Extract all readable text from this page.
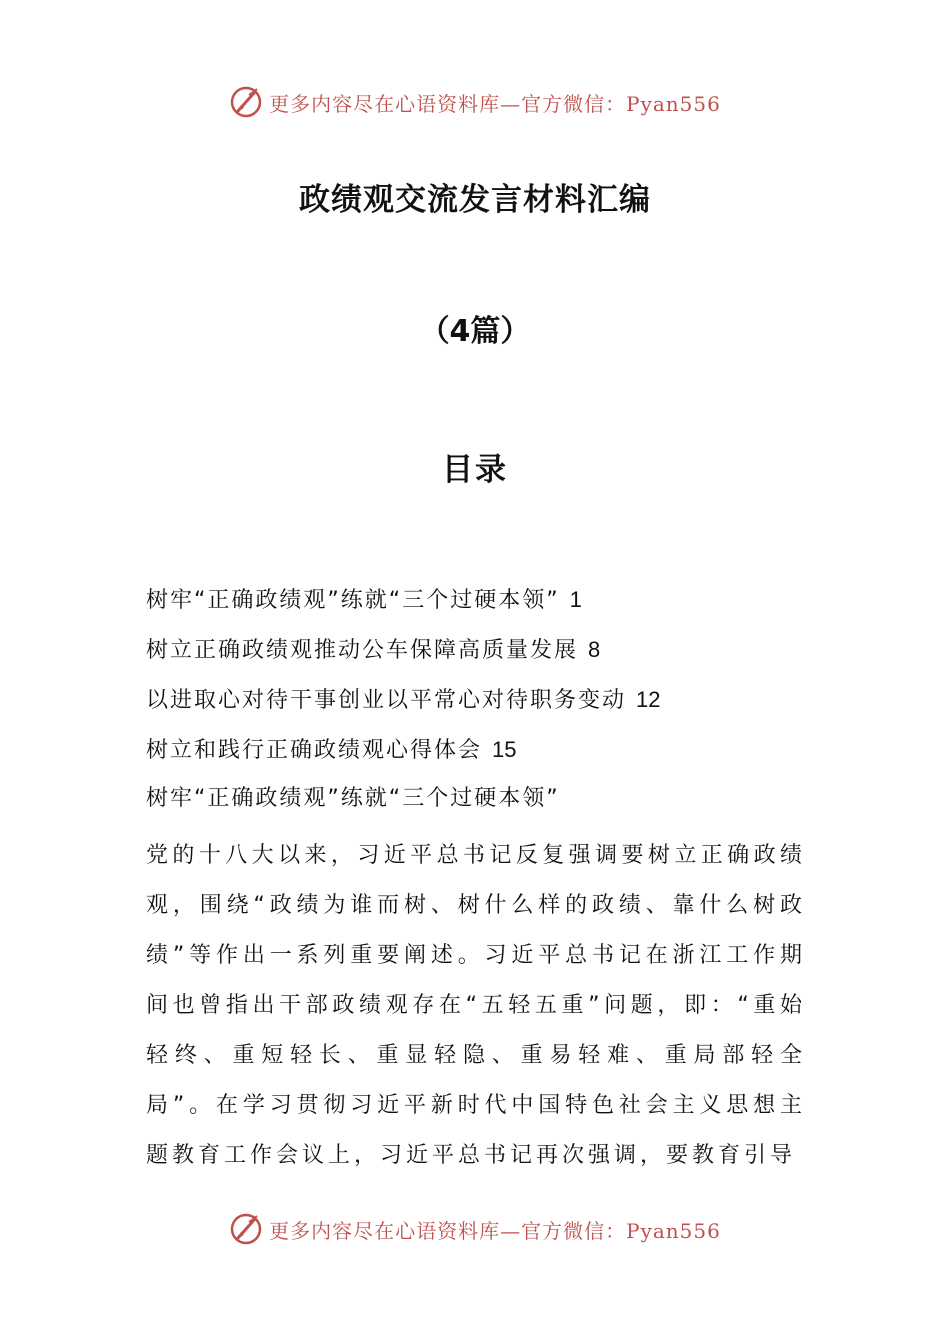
更多内容尽在心语资料库—官方微信：Pyan556
政绩观交流发言材料汇编
（4篇）
目录
树牢“正确政绩观”练就“三个过硬本领” 1
树立正确政绩观推动公车保障高质量发展 8
以进取心对待干事创业以平常心对待职务变动 12
树立和践行正确政绩观心得体会 15
树牢“正确政绩观”练就“三个过硬本领”

党的十八大以来，习近平总书记反复强调要树立正确政绩观，围绕“政绩为谁而树、树什么样的政绩、靠什么树政绩”等作出一系列重要阐述。习近平总书记在浙江工作期间也曾指出干部政绩观存在“五轻五重”问题，即：“重始轻终、重短轻长、重显轻隐、重易轻难、重局部轻全局”。在学习贯彻习近平新时代中国特色社会主义思想主题教育工作会议上，习近平总书记再次强调，要教育引导

更多内容尽在心语资料库—官方微信：Pyan556
